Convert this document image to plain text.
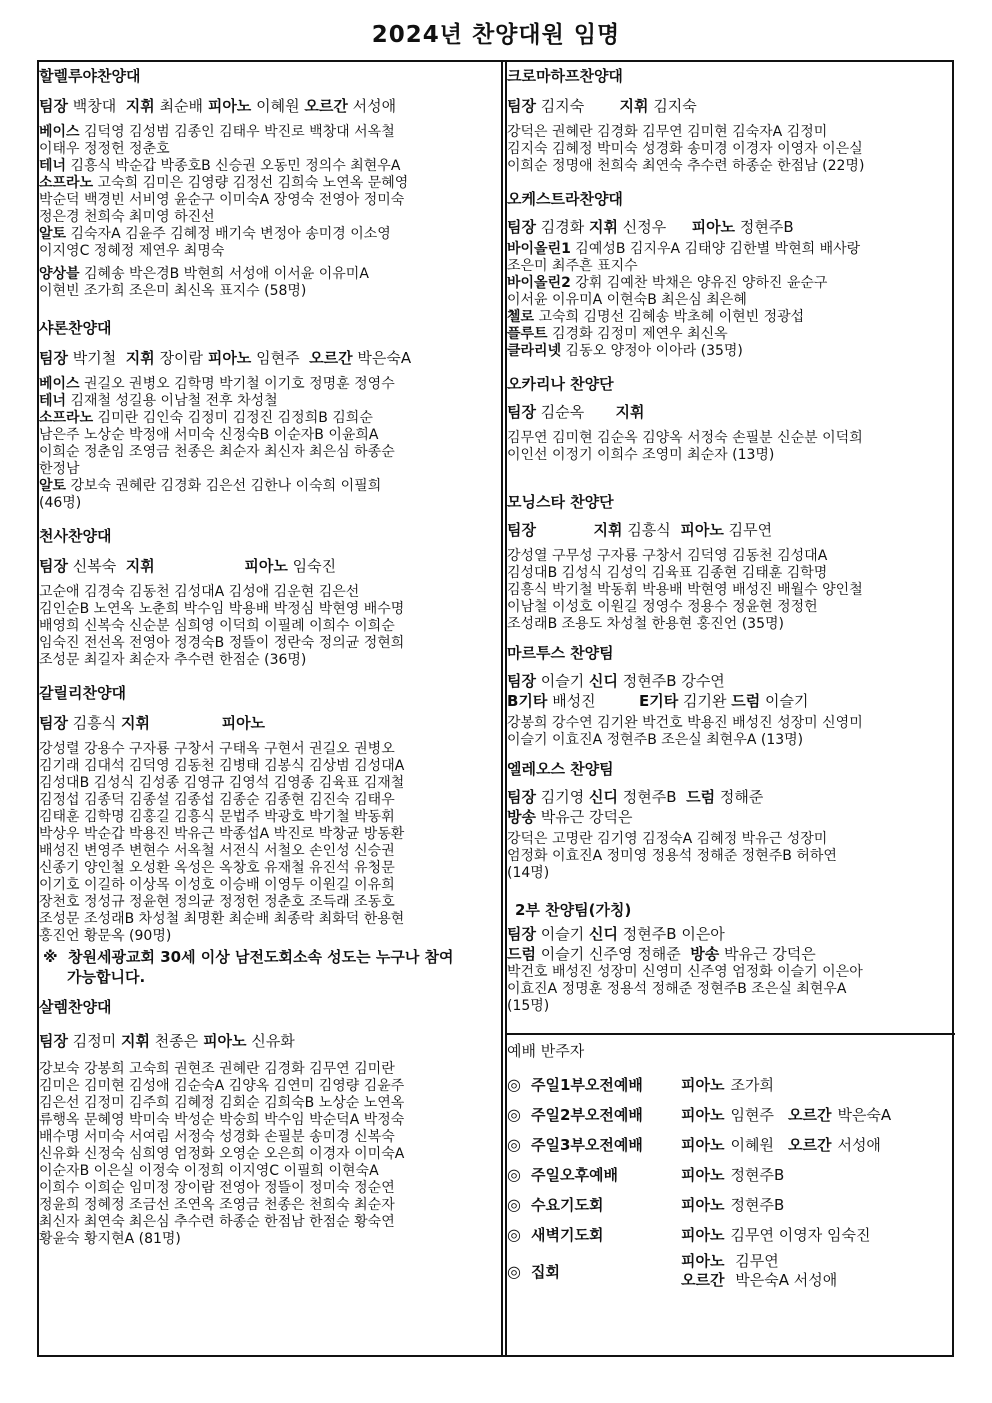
2024년 찬양대원 임명

할렐루야찬양대

팀장 백창대 지휘 최순배 피아노 이혜원 오르간 서성애

베이스 김덕영 김성범 김종인 김태우 박진로 백창대 서옥철

이태우 정정헌 정춘호

테너 김흥식 박순갑 박종호B 신승권 오동민 정의수 최현우A

소프라노 고숙희 김미은 김영량 김정선 김희숙 노연옥 문혜영

박순덕 백경빈 서비영 윤순구 이미숙A 장영숙 전영아 정미숙

정은경 천희숙 최미영 하진선

알토 김숙자A 김윤주 김혜정 배기숙 변정아 송미경 이소영

이지영C 정혜정 제연우 최명숙

양상블 김혜송 박은경B 박현희 서성애 이서윤 이유미A

이현빈 조가희 조은미 최신옥 표지수 (58명)

샤론찬양대

팀장 박기철 지휘 장이람 피아노 임현주 오르간 박은숙A

베이스 권길오 권병오 김학명 박기철 이기호 정명훈 정영수

테너 김재철 성길용 이남철 전후 차성철

소프라노 김미란 김인숙 김정미 김정진 김정희B 김희순

남은주 노상순 박정애 서미숙 신정숙B 이순자B 이윤희A

이희순 정춘임 조영금 천종은 최순자 최신자 최은심 하종순

한정남

알토 강보숙 권혜란 김경화 김은선 김한나 이숙희 이필희

(46명)

천사찬양대

팀장 신복숙 지휘	피아노 임숙진

고순애 김경숙 김동천 김성대A 김성애 김운현 김은선

김인순B 노연옥 노춘희 박수임 박용배 박정심 박현영 배수명

배영희 신복숙 신순분 심희영 이덕희 이필례 이희수 이희순

임숙진 전선옥 전영아 정경숙B 정뜰이 정란숙 정의균 정현희

조성문 최길자 최순자 추수련 한점순 (36명)

갈릴리찬양대

팀장 김흥식 지휘	피아노

강성렬 강용수 구자룡 구창서 구태옥 구현서 권길오 권병오

김기래 김대석 김덕영 김동천 김병태 김봉식 김상범 김성대A

김성대B 김성식 김성종 김영규 김영석 김영종 김육표 김재철

김정섭 김종덕 김종설 김종섭 김종순 김종현 김진숙 김태우

김태훈 김학명 김홍길 김흥식 문법주 박광호 박기철 박동휘

박상우 박순갑 박용진 박유근 박종섭A 박진로 박창균 방동환

배성진 변영주 변현수 서옥철 서전식 서철오 손인성 신승권

신종기 양인철 오성환 옥성은 옥창호 유재철 유진석 유청문

이기호 이길하 이상목 이성호 이승배 이영두 이원길 이유희

장천호 정성규 정윤현 정의균 정정헌 정춘호 조득래 조동호

조성문 조성래B 차성철 최명환 최순배 최종락 최화덕 한용현

홍진언 황문옥 (90명)

※ 창원세광교회 30세 이상 남전도회소속 성도는 누구나 참여
가능합니다.

살렘찬양대

팀장 김정미 지휘 천종은 피아노 신유화

강보숙 강봉희 고숙희 권현조 권혜란 김경화 김무연 김미란

김미은 김미현 김성애 김순숙A 김양옥 김연미 김영량 김윤주

김은선 김정미 김주희 김혜정 김회순 김희숙B 노상순 노연옥

류행옥 문혜영 박미숙 박성순 박숭희 박수임 박순덕A 박정숙

배수명 서미숙 서여림 서정숙 성경화 손필분 송미경 신복숙

신유화 신정숙 심희영 엄정화 오영순 오은희 이경자 이미숙A

이순자B 이은실 이정숙 이정희 이지영C 이필희 이현숙A

이희수 이희순 임미정 장이람 전영아 정뜰이 정미숙 정순연

정윤희 정혜정 조금선 조연옥 조영금 천종은 천희숙 최순자

최신자 최연숙 최은심 추수련 하종순 한점남 한점순 황숙연

황윤숙 황지현A (81명)

크로마하프찬양대

팀장 김지숙 지휘 김지숙

강덕은 권혜란 김경화 김무연 김미현 김숙자A 김정미

김지숙 김혜정 박미숙 성경화 송미경 이경자 이영자 이은실

이희순 정명애 천희숙 최연숙 추수련 하종순 한점남 (22명)

오케스트라찬양대

팀장 김경화 지휘 신정우 피아노 정현주B

바이올린1 김예성B 김지우A 김태양 김한별 박현희 배사랑

조은미 최주흔 표지수

바이올린2 강휘 김예찬 박채은 양유진 양하진 윤순구

이서윤 이유미A 이현숙B 최은심 최은혜

첼로 고숙희 김명선 김혜송 박초혜 이현빈 정광섭

플루트 김경화 김정미 제연우 최신옥

클라리넷 김동오 양정아 이아라 (35명)

오카리나 찬양단

팀장 김순옥 지휘

김무연 김미현 김순옥 김양옥 서정숙 손필분 신순분 이덕희

이인선 이정기 이희수 조영미 최순자 (13명)

모닝스타 찬양단

팀장	지휘 김흥식 피아노 김무연

강성열 구무성 구자룡 구창서 김덕영 김동천 김성대A

김성대B 김성식 김성익 김육표 김종현 김태훈 김학명

김흥식 박기철 박동휘 박용배 박현영 배성진 배월수 양인철

이남철 이성호 이원길 정영수 정용수 정윤현 정정헌

조성래B 조용도 차성철 한용현 홍진언 (35명)

마르투스 찬양팀

팀장 이슬기 신디 정현주B 강수연

B기타 배성진	E기타 김기완 드럼 이슬기

강봉희 강수연 김기완 박건호 박용진 배성진 성장미 신영미

이슬기 이효진A 정현주B 조은실 최현우A (13명)

엘레오스 찬양팀

팀장 김기영 신디 정현주B 드럼 정해준

방송 박유근 강덕은

강덕은 고명란 김기영 김정숙A 김혜정 박유근 성장미

엄정화 이효진A 정미영 정용석 정해준 정현주B 허하연

(14명)

2부 찬양팀(가칭)

팀장 이슬기 신디 정현주B 이은아

드럼 이슬기 신주영 정해준 방송 박유근 강덕은

박건호 배성진 성장미 신영미 신주영 엄정화 이슬기 이은아

이효진A 정명훈 정용석 정해준 정현주B 조은실 최현우A

(15명)

예배 반주자

◎ 주일1부오전예배	피아노 조가희
◎ 주일2부오전예배	피아노 임현주 오르간 박은숙A
◎ 주일3부오전예배	피아노 이혜원 오르간 서성애
◎ 주일오후예배	피아노 정현주B
◎ 수요기도회	피아노 정현주B
◎ 새벽기도회	피아노 김무연 이영자 임숙진
◎ 집회
피아노 김무연
오르간 박은숙A 서성애
